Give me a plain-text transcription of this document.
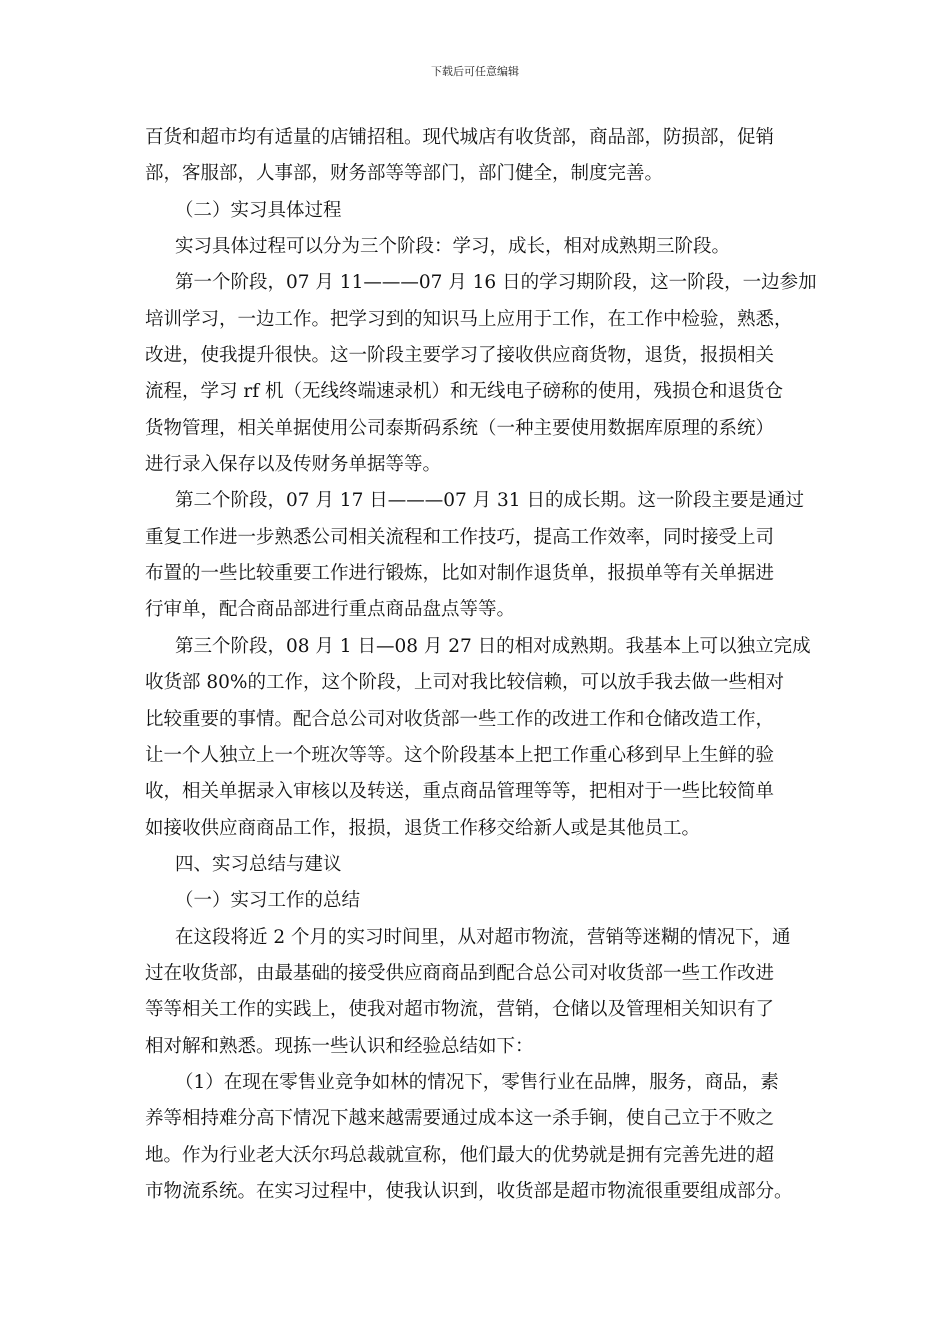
下载后可任意编辑
百货和超市均有适量的店铺招租。现代城店有收货部，商品部，防损部，促销
部，客服部，人事部，财务部等等部门，部门健全，制度完善。
（二）实习具体过程
实习具体过程可以分为三个阶段：学习，成长，相对成熟期三阶段。
第一个阶段，07 月 11———07 月 16 日的学习期阶段，这一阶段，一边参加
培训学习，一边工作。把学习到的知识马上应用于工作，在工作中检验，熟悉，
改进，使我提升很快。这一阶段主要学习了接收供应商货物，退货，报损相关
流程，学习 rf 机（无线终端速录机）和无线电子磅称的使用，残损仓和退货仓
货物管理，相关单据使用公司泰斯码系统（一种主要使用数据库原理的系统）
进行录入保存以及传财务单据等等。
第二个阶段，07 月 17 日———07 月 31 日的成长期。这一阶段主要是通过
重复工作进一步熟悉公司相关流程和工作技巧，提高工作效率，同时接受上司
布置的一些比较重要工作进行锻炼，比如对制作退货单，报损单等有关单据进
行审单，配合商品部进行重点商品盘点等等。
第三个阶段，08 月 1 日—08 月 27 日的相对成熟期。我基本上可以独立完成
收货部 80%的工作，这个阶段，上司对我比较信赖，可以放手我去做一些相对
比较重要的事情。配合总公司对收货部一些工作的改进工作和仓储改造工作，
让一个人独立上一个班次等等。这个阶段基本上把工作重心移到早上生鲜的验
收，相关单据录入审核以及转送，重点商品管理等等，把相对于一些比较简单
如接收供应商商品工作，报损，退货工作移交给新人或是其他员工。
四、实习总结与建议
（一）实习工作的总结
在这段将近 2 个月的实习时间里，从对超市物流，营销等迷糊的情况下，通
过在收货部，由最基础的接受供应商商品到配合总公司对收货部一些工作改进
等等相关工作的实践上，使我对超市物流，营销，仓储以及管理相关知识有了
相对解和熟悉。现拣一些认识和经验总结如下：
（1）在现在零售业竞争如林的情况下，零售行业在品牌，服务，商品，素
养等相持难分高下情况下越来越需要通过成本这一杀手锏，使自己立于不败之
地。作为行业老大沃尔玛总裁就宣称，他们最大的优势就是拥有完善先进的超
市物流系统。在实习过程中，使我认识到，收货部是超市物流很重要组成部分。
